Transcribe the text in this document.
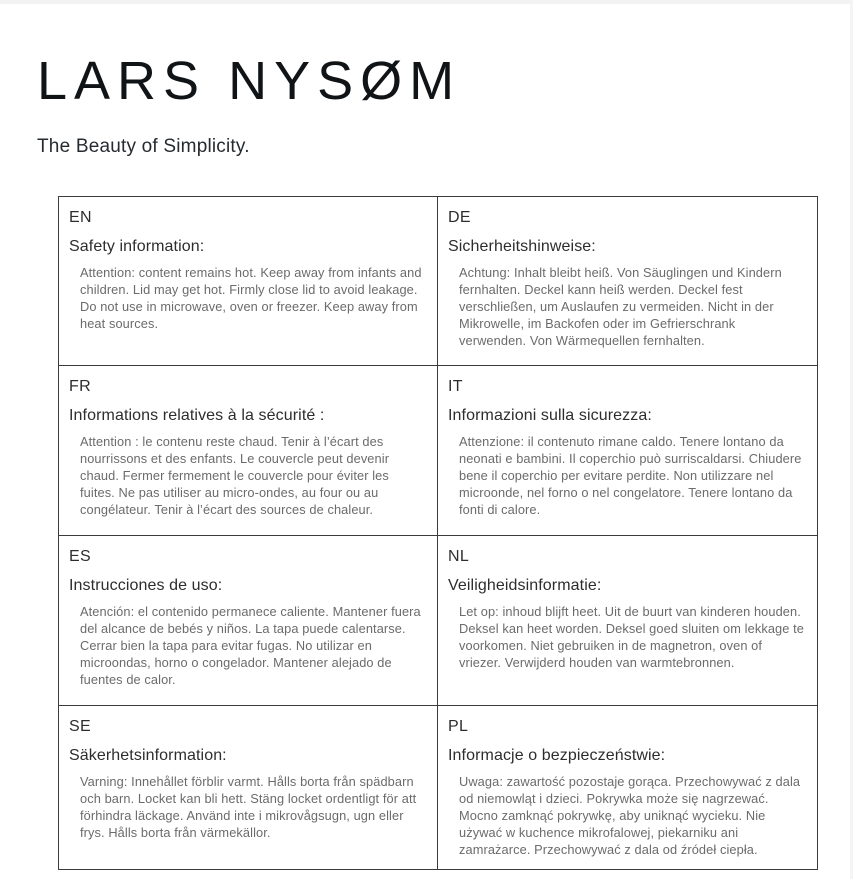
LARS NYSØM
The Beauty of Simplicity.
EN
Safety information:

Attention: content remains hot. Keep away from infants and children. Lid may get hot. Firmly close lid to avoid leakage. Do not use in microwave, oven or freezer. Keep away from heat sources.

DE
Sicherheitshinweise:

Achtung: Inhalt bleibt heiß. Von Säuglingen und Kindern fernhalten. Deckel kann heiß werden. Deckel fest verschließen, um Auslaufen zu vermeiden. Nicht in der Mikrowelle, im Backofen oder im Gefrierschrank verwenden. Von Wärmequellen fernhalten.

FR
Informations relatives à la sécurité :

Attention : le contenu reste chaud. Tenir à l’écart des nourrissons et des enfants. Le couvercle peut devenir chaud. Fermer fermement le couvercle pour éviter les fuites. Ne pas utiliser au micro-ondes, au four ou au congélateur. Tenir à l’écart des sources de chaleur.

IT
Informazioni sulla sicurezza:

Attenzione: il contenuto rimane caldo. Tenere lontano da neonati e bambini. Il coperchio può surriscaldarsi. Chiudere bene il coperchio per evitare perdite. Non utilizzare nel microonde, nel forno o nel congelatore. Tenere lontano da fonti di calore.

ES
Instrucciones de uso:

Atención: el contenido permanece caliente. Mantener fuera del alcance de bebés y niños. La tapa puede calentarse. Cerrar bien la tapa para evitar fugas. No utilizar en microondas, horno o congelador. Mantener alejado de fuentes de calor.

NL
Veiligheidsinformatie:

Let op: inhoud blijft heet. Uit de buurt van kinderen houden. Deksel kan heet worden. Deksel goed sluiten om lekkage te voorkomen. Niet gebruiken in de magnetron, oven of vriezer. Verwijderd houden van warmtebronnen.

SE
Säkerhetsinformation:

Varning: Innehållet förblir varmt. Hålls borta från spädbarn och barn. Locket kan bli hett. Stäng locket ordentligt för att förhindra läckage. Använd inte i mikrovågsugn, ugn eller frys. Hålls borta från värmekällor.

PL
Informacje o bezpieczeństwie:

Uwaga: zawartość pozostaje gorąca. Przechowywać z dala od niemowląt i dzieci. Pokrywka może się nagrzewać. Mocno zamknąć pokrywkę, aby uniknąć wycieku. Nie używać w kuchence mikrofalowej, piekarniku ani zamrażarce. Przechowywać z dala od źródeł ciepła.
